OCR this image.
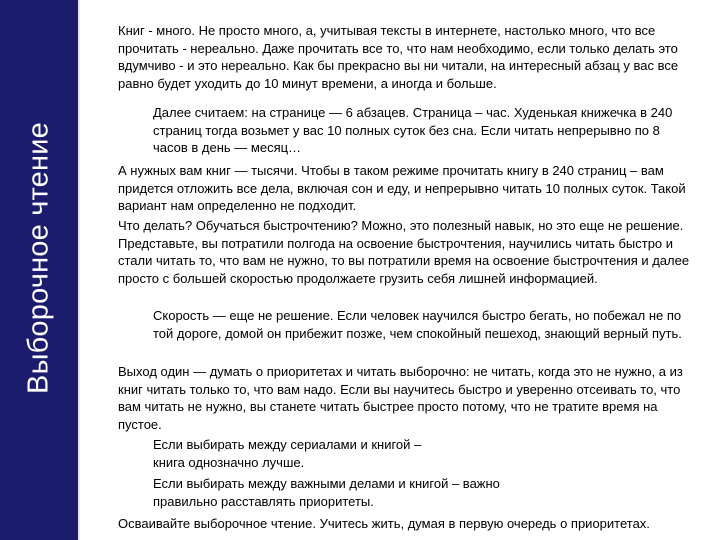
Выборочное чтение

Книг - много. Не просто много, а, учитывая тексты в интернете, настолько много, что все прочитать - нереально. Даже прочитать все то, что нам необходимо, если только делать это вдумчиво - и это нереально. Как бы прекрасно вы ни читали, на интересный абзац у вас все равно будет уходить до 10 минут времени, а иногда и больше.

Далее считаем: на странице — 6 абзацев. Страница – час. Худенькая книжечка в 240 страниц тогда возьмет у вас 10 полных суток без сна. Если читать непрерывно по 8 часов в день — месяц…

А нужных вам книг — тысячи. Чтобы в таком режиме прочитать книгу в 240 страниц – вам придется отложить все дела, включая сон и еду, и непрерывно читать 10 полных суток. Такой вариант нам определенно не подходит.

Что делать? Обучаться быстрочтению? Можно, это полезный навык, но это еще не решение. Представьте, вы потратили полгода на освоение быстрочтения, научились читать быстро и стали читать то, что вам не нужно, то вы потратили время на освоение быстрочтения и далее просто с большей скоростью продолжаете грузить себя лишней информацией.

Скорость — еще не решение. Если человек научился быстро бегать, но побежал не по той дороге, домой он прибежит позже, чем спокойный пешеход, знающий верный путь.

Выход один — думать о приоритетах и читать выборочно: не читать, когда это не нужно, а из книг читать только то, что вам надо. Если вы научитесь быстро и уверенно отсеивать то, что вам читать не нужно, вы станете читать быстрее просто потому, что не тратите время на пустое.

Если выбирать между сериалами и книгой – книга однозначно лучше.

Если выбирать между важными делами и книгой – важно правильно расставлять приоритеты.

Осваивайте выборочное чтение. Учитесь жить, думая в первую очередь о приоритетах.
